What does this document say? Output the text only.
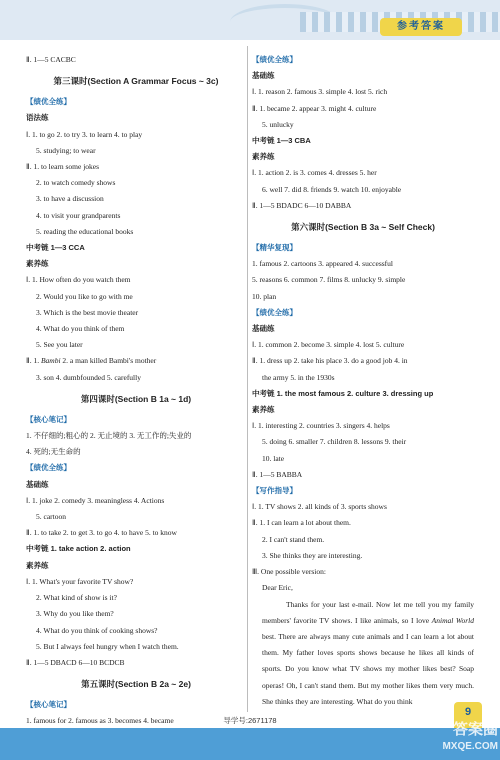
参考答案
Ⅱ. 1—5 CACBC
第三课时(Section A Grammar Focus ~ 3c)
【绩优全练】
语法练
Ⅰ. 1. to go 2. to try 3. to learn 4. to play
5. studying; to wear
Ⅱ. 1. to learn some jokes
2. to watch comedy shows
3. to have a discussion
4. to visit your grandparents
5. reading the educational books
中考链 1—3 CCA
素养练
Ⅰ. 1. How often do you watch them
2. Would you like to go with me
3. Which is the best movie theater
4. What do you think of them
5. See you later
Ⅱ. 1. Bambi 2. a man killed Bambi's mother
3. son 4. dumbfounded 5. carefully
第四课时(Section B 1a ~ 1d)
【核心笔记】
1. 不仔细的;粗心的 2. 无止境的 3. 无工作的;失业的
4. 死的;无生命的
【绩优全练】
基础练
Ⅰ. 1. joke 2. comedy 3. meaningless 4. Actions
5. cartoon
Ⅱ. 1. to take 2. to get 3. to go 4. to have 5. to know
中考链 1. take action 2. action
素养练
Ⅰ. 1. What's your favorite TV show?
2. What kind of show is it?
3. Why do you like them?
4. What do you think of cooking shows?
5. But I always feel hungry when I watch them.
Ⅱ. 1—5 DBACD 6—10 BCDCB
第五课时(Section B 2a ~ 2e)
【核心笔记】
1. famous for 2. famous as 3. becomes 4. became
【绩优全练】
基础练
Ⅰ. 1. reason 2. famous 3. simple 4. lost 5. rich
Ⅱ. 1. became 2. appear 3. might 4. culture
5. unlucky
中考链 1—3 CBA
素养练
Ⅰ. 1. action 2. is 3. comes 4. dresses 5. her
6. well 7. did 8. friends 9. watch 10. enjoyable
Ⅱ. 1—5 BDADC 6—10 DABBA
第六课时(Section B 3a ~ Self Check)
【精华复现】
1. famous 2. cartoons 3. appeared 4. successful
5. reasons 6. common 7. films 8. unlucky 9. simple
10. plan
【绩优全练】
基础练
Ⅰ. 1. common 2. become 3. simple 4. lost 5. culture
Ⅱ. 1. dress up 2. take his place 3. do a good job 4. in
the army 5. in the 1930s
中考链 1. the most famous 2. culture 3. dressing up
素养练
Ⅰ. 1. interesting 2. countries 3. singers 4. helps
5. doing 6. smaller 7. children 8. lessons 9. their
10. late
Ⅱ. 1—5 BABBA
【写作指导】
Ⅰ. 1. TV shows 2. all kinds of 3. sports shows
Ⅱ. 1. I can learn a lot about them.
2. I can't stand them.
3. She thinks they are interesting.
Ⅲ. One possible version:
Dear Eric,
Thanks for your last e-mail. Now let me tell you my family members' favorite TV shows. I like animals, so I love Animal World best. There are always many cute animals and I can learn a lot about them. My father loves sports shows because he likes all kinds of sports. Do you know what TV shows my mother likes best? Soap operas! Oh, I can't stand them. But my mother likes them very much. She thinks they are interesting. What do you think
导学号:2671178
9
答案圈
MXQE.COM
